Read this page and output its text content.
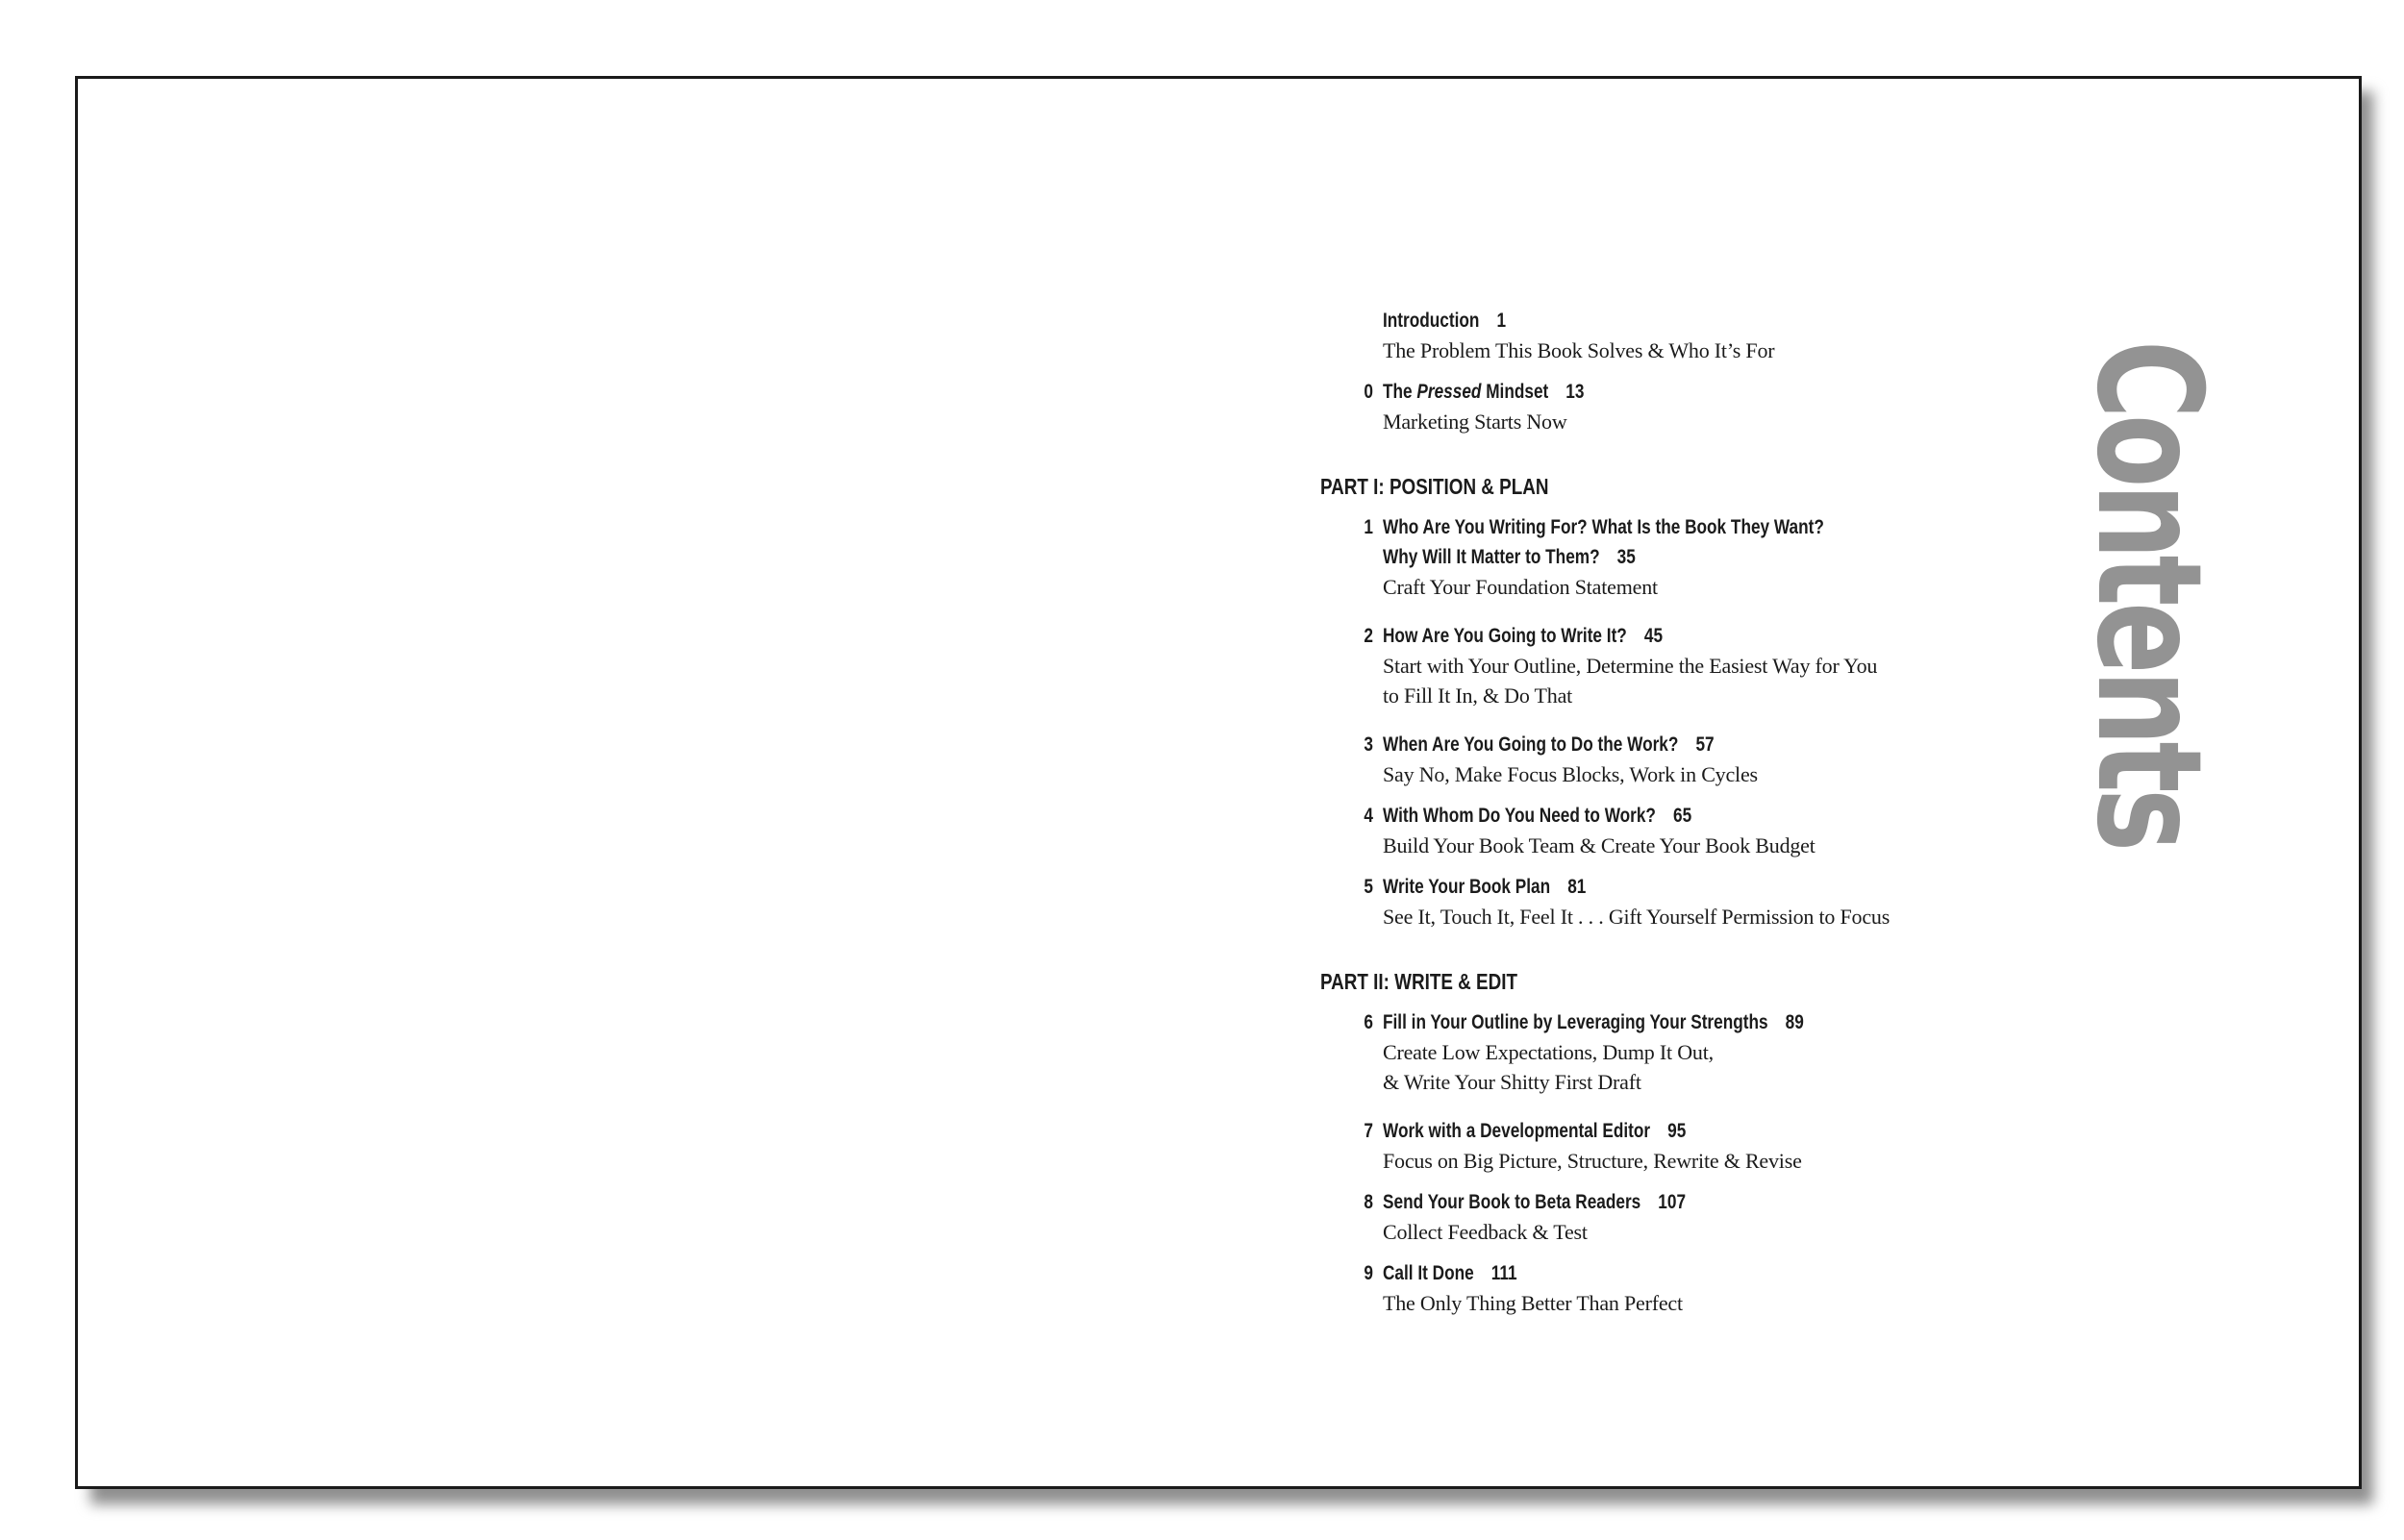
Contents
Introduction 1
The Problem This Book Solves & Who It’s For
0 The Pressed Mindset 13
Marketing Starts Now
PART I: POSITION & PLAN
1 Who Are You Writing For? What Is the Book They Want?
Why Will It Matter to Them? 35
Craft Your Foundation Statement
2 How Are You Going to Write It? 45
Start with Your Outline, Determine the Easiest Way for You
to Fill It In, & Do That
3 When Are You Going to Do the Work? 57
Say No, Make Focus Blocks, Work in Cycles
4 With Whom Do You Need to Work? 65
Build Your Book Team & Create Your Book Budget
5 Write Your Book Plan 81
See It, Touch It, Feel It . . . Gift Yourself Permission to Focus
PART II: WRITE & EDIT
6 Fill in Your Outline by Leveraging Your Strengths 89
Create Low Expectations, Dump It Out,
& Write Your Shitty First Draft
7 Work with a Developmental Editor 95
Focus on Big Picture, Structure, Rewrite & Revise
8 Send Your Book to Beta Readers 107
Collect Feedback & Test
9 Call It Done 111
The Only Thing Better Than Perfect
